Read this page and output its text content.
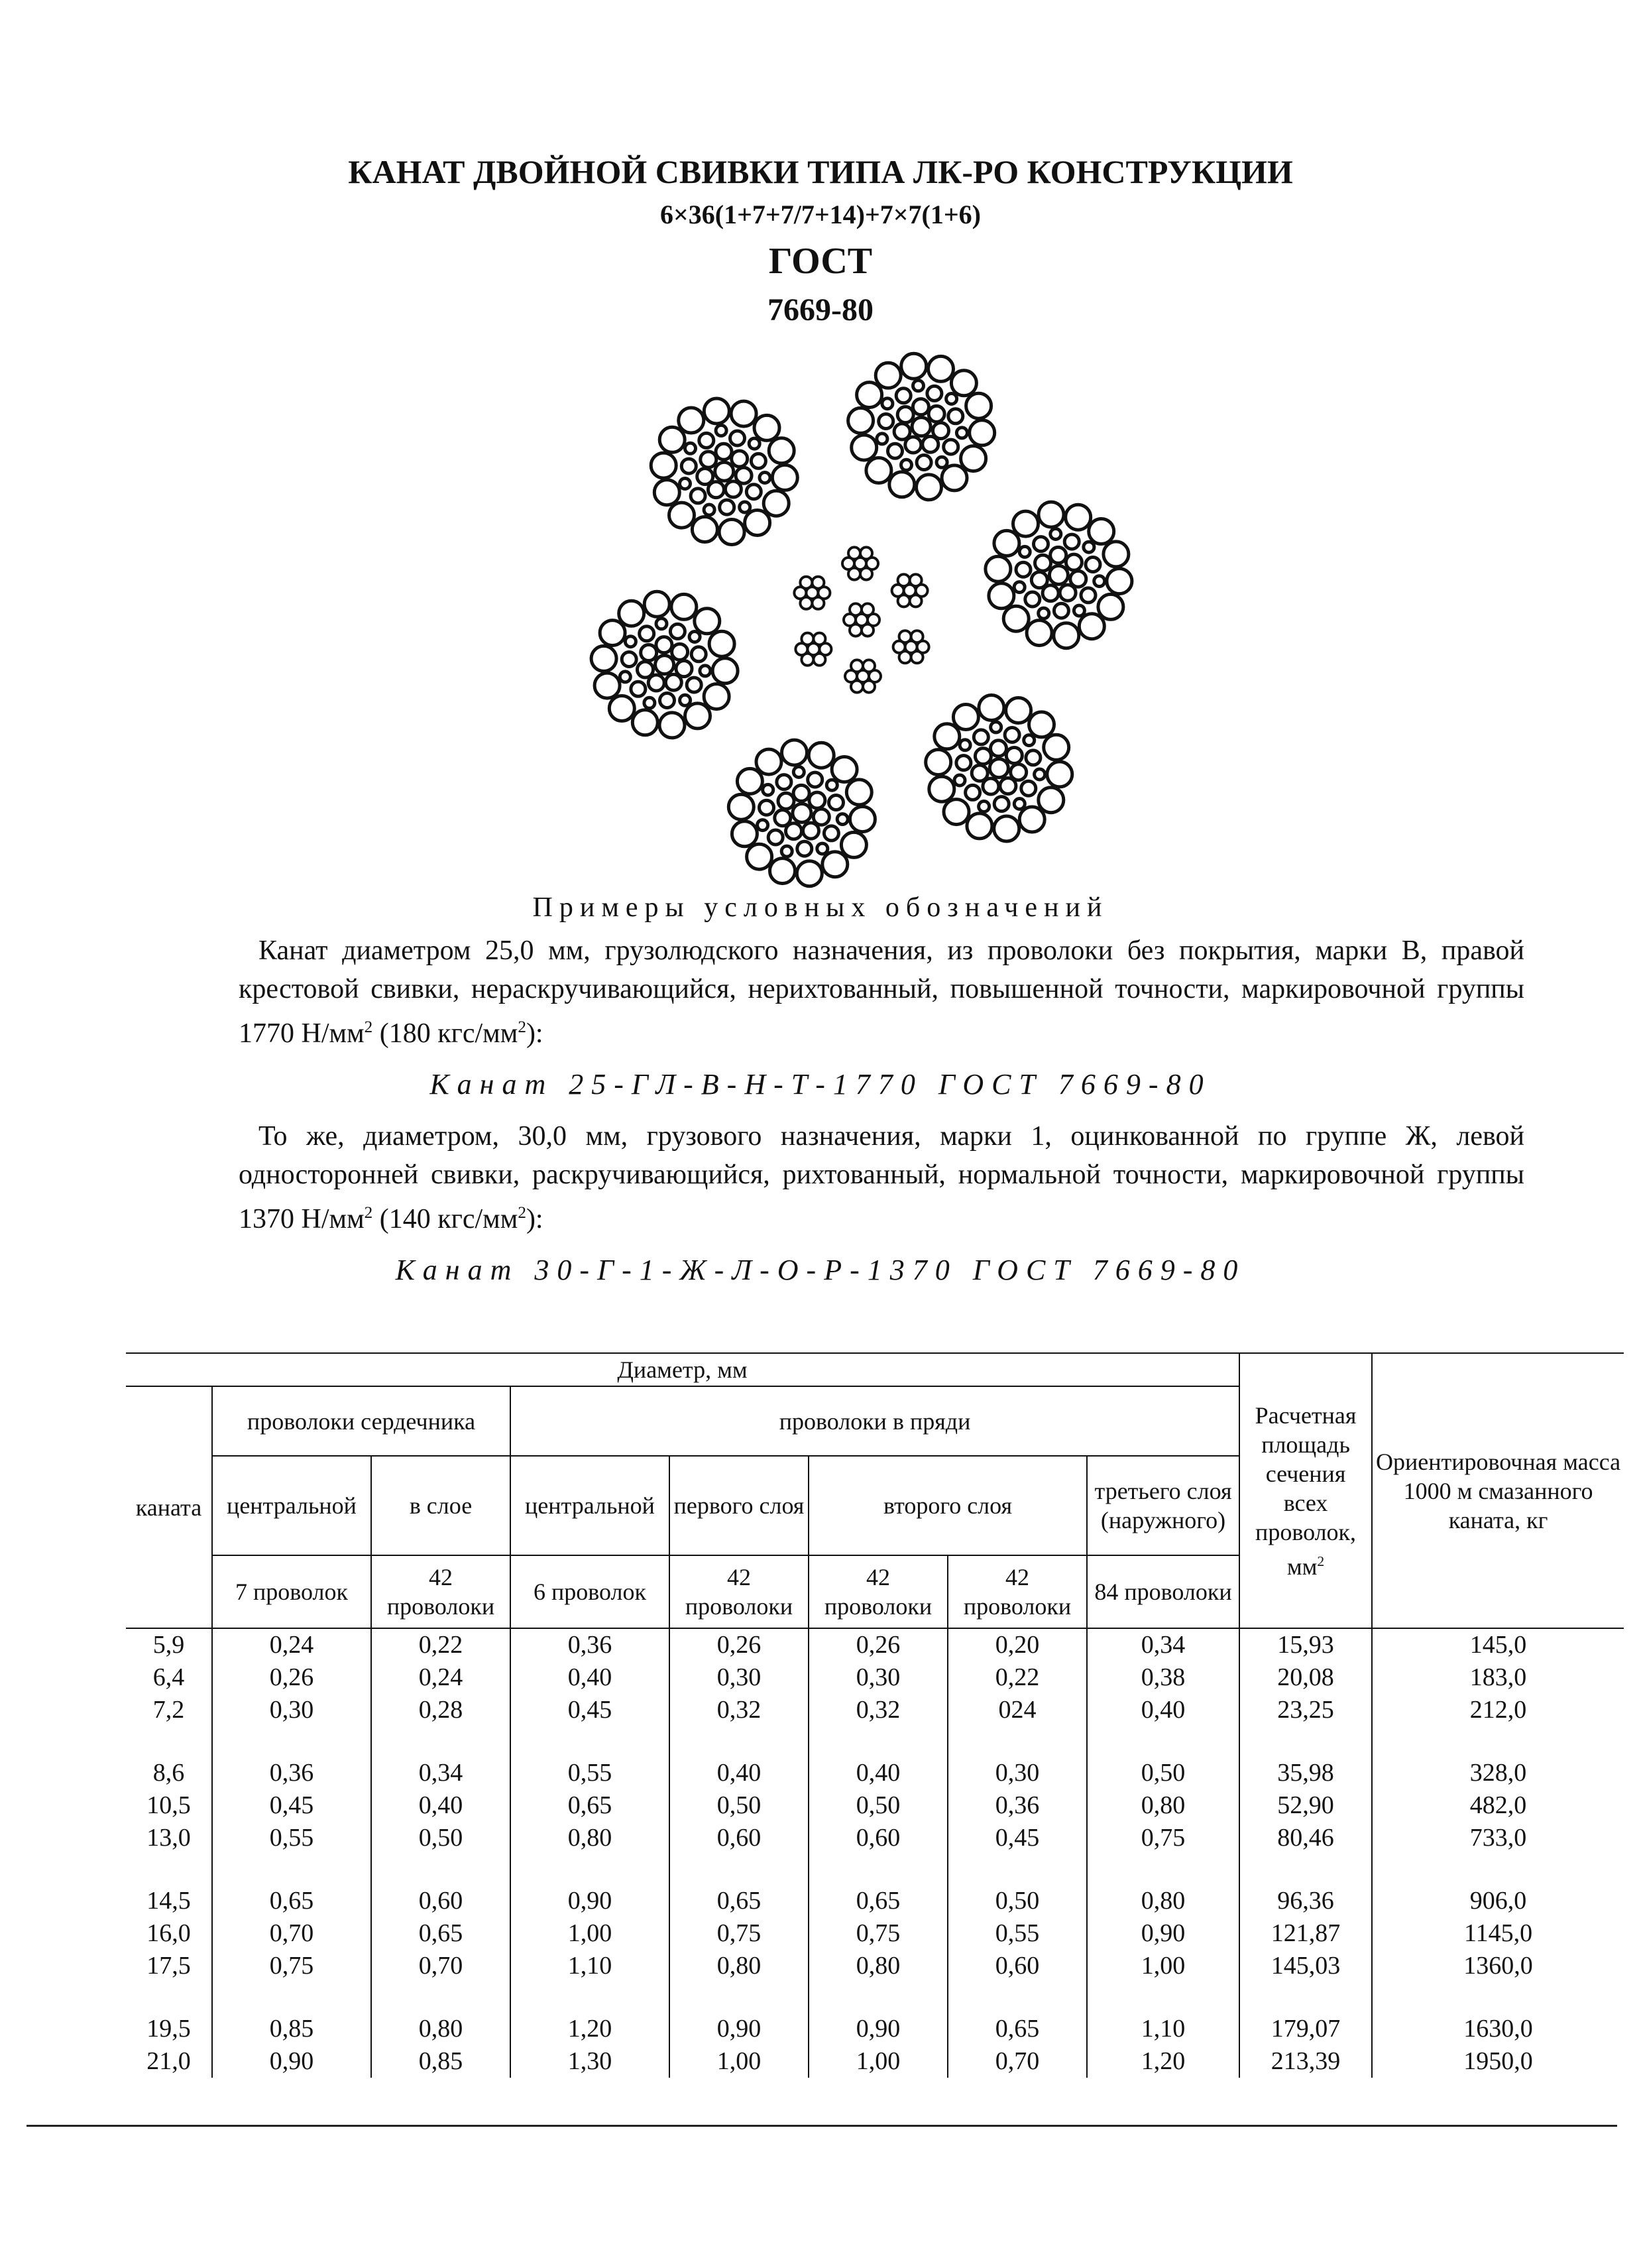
КАНАТ ДВОЙНОЙ СВИВКИ ТИПА ЛК-РО КОНСТРУКЦИИ
6×36(1+7+7/7+14)+7×7(1+6)
ГОСТ
7669-80
Примеры условных обозначений
Канат диаметром 25,0 мм, грузолюдского назначения, из проволоки без покрытия, марки В, правой крестовой свивки, нераскручивающийся, нерихтованный, повышенной точности, маркировочной группы 1770 $Н/мм^2$ (180 кгс/$мм^2$):
Канат 25-ГЛ-В-Н-Т-1770 ГОСТ 7669-80
То же, диаметром, 30,0 мм, грузового назначения, марки 1, оцинкованной по группе Ж, левой односторонней свивки, раскручивающийся, рихтованный, нормальной точности, маркировочной группы 1370 $Н/мм^2$ (140 кгс/$мм^2$):
Канат 30-Г-1-Ж-Л-О-Р-1370 ГОСТ 7669-80
Диаметр, мм								Расчетная площадь сечения всех проволок, $мм^2$	Ориентировочная масса 1000 м смазанного каната, кг
каната	проволоки сердечника		проволоки в пряди						
	центральной	в слое	центральной	первого слоя	второго слоя		третьего слоя (наружного)		
	7 проволок	42 проволоки	6 проволок	42 проволоки	42 проволоки	42 проволоки	84 проволоки		
5,9	0,24	0,22	0,36	0,26	0,26	0,20	0,34	15,93	145,0
6,4	0,26	0,24	0,40	0,30	0,30	0,22	0,38	20,08	183,0
7,2	0,30	0,28	0,45	0,32	0,32	024	0,40	23,25	212,0

8,6	0,36	0,34	0,55	0,40	0,40	0,30	0,50	35,98	328,0
10,5	0,45	0,40	0,65	0,50	0,50	0,36	0,80	52,90	482,0
13,0	0,55	0,50	0,80	0,60	0,60	0,45	0,75	80,46	733,0

14,5	0,65	0,60	0,90	0,65	0,65	0,50	0,80	96,36	906,0
16,0	0,70	0,65	1,00	0,75	0,75	0,55	0,90	121,87	1145,0
17,5	0,75	0,70	1,10	0,80	0,80	0,60	1,00	145,03	1360,0

19,5	0,85	0,80	1,20	0,90	0,90	0,65	1,10	179,07	1630,0
21,0	0,90	0,85	1,30	1,00	1,00	0,70	1,20	213,39	1950,0
